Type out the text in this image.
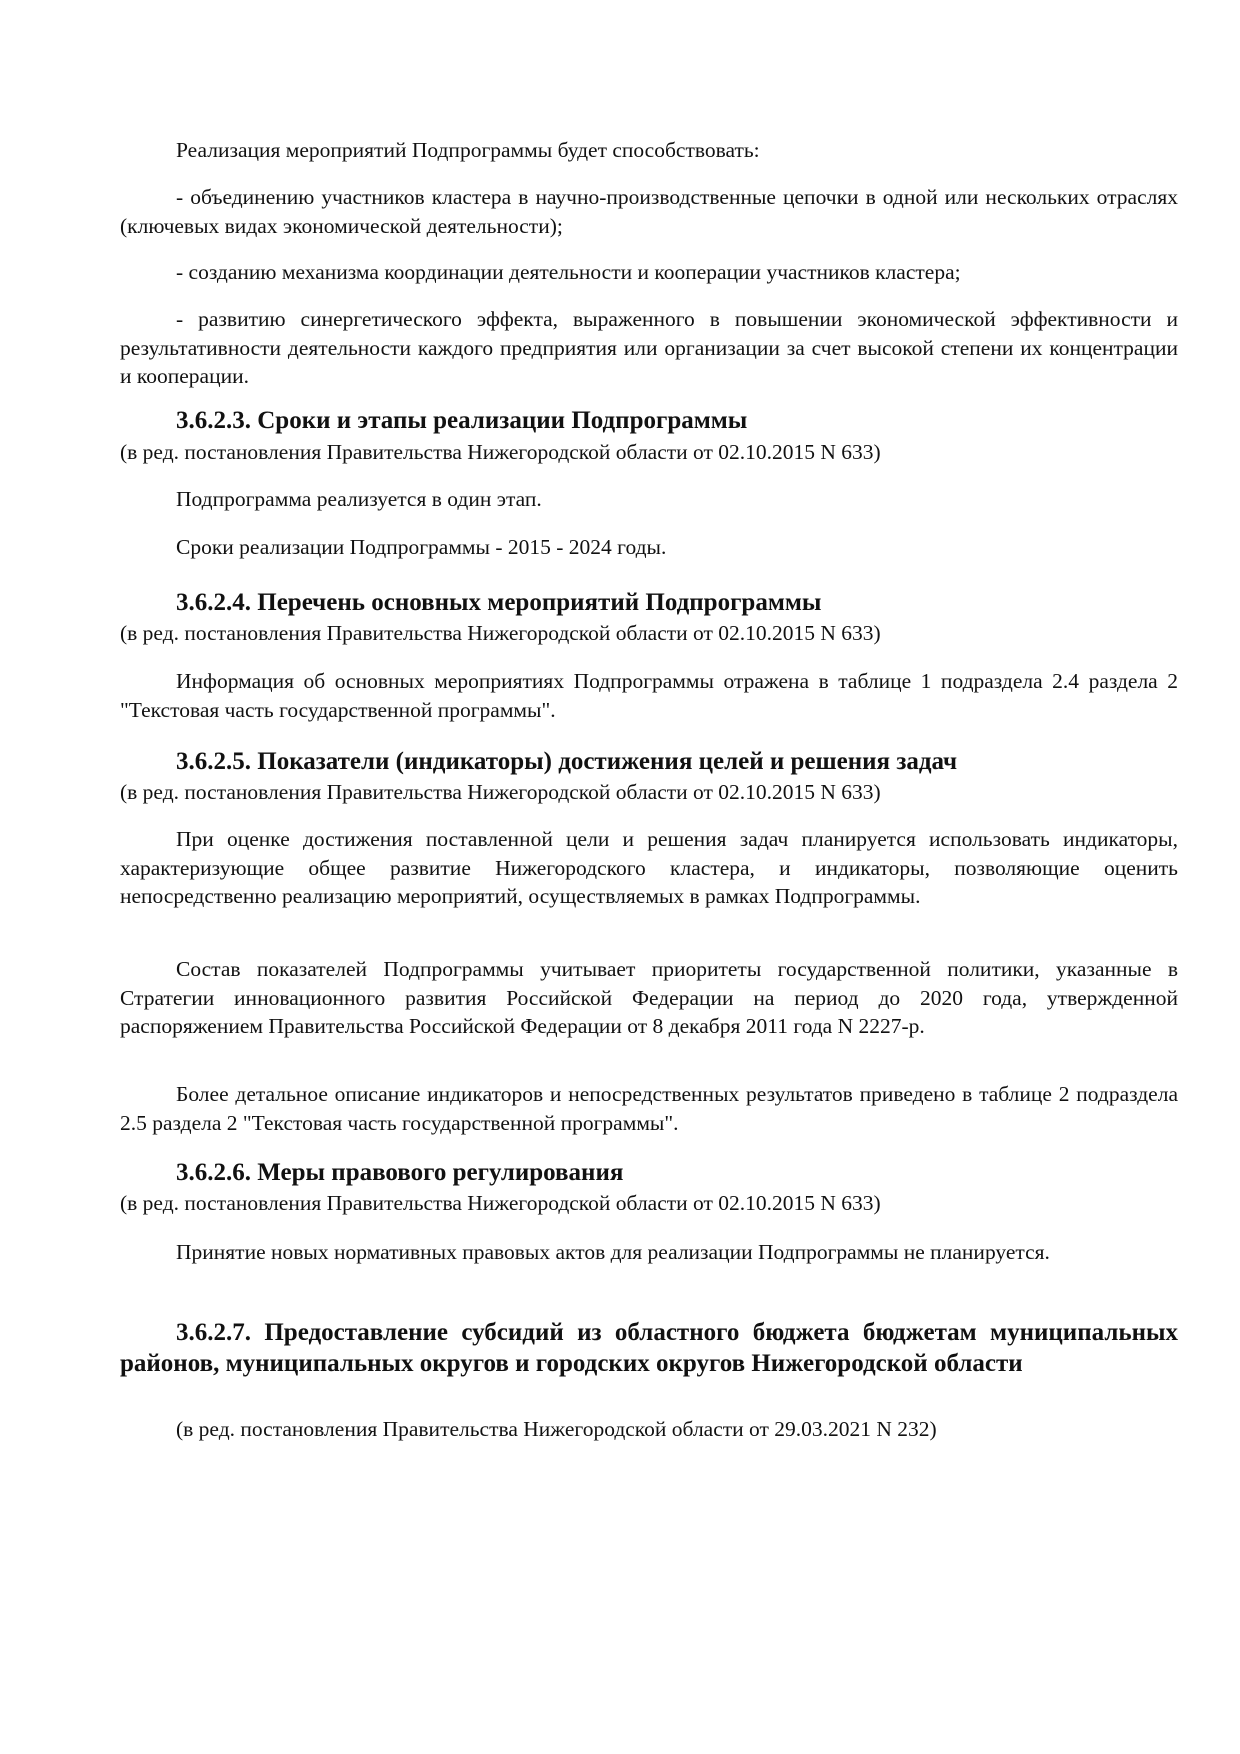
Реализация мероприятий Подпрограммы будет способствовать:

- объединению участников кластера в научно-производственные цепочки в одной или нескольких отраслях (ключевых видах экономической деятельности);

- созданию механизма координации деятельности и кооперации участников кластера;

- развитию синергетического эффекта, выраженного в повышении экономической эффективности и результативности деятельности каждого предприятия или организации за счет высокой степени их концентрации и кооперации.

3.6.2.3. Сроки и этапы реализации Подпрограммы

(в ред. постановления Правительства Нижегородской области от 02.10.2015 N 633)

Подпрограмма реализуется в один этап.

Сроки реализации Подпрограммы - 2015 - 2024 годы.

3.6.2.4. Перечень основных мероприятий Подпрограммы

(в ред. постановления Правительства Нижегородской области от 02.10.2015 N 633)

Информация об основных мероприятиях Подпрограммы отражена в таблице 1 подраздела 2.4 раздела 2 "Текстовая часть государственной программы".

3.6.2.5. Показатели (индикаторы) достижения целей и решения задач

(в ред. постановления Правительства Нижегородской области от 02.10.2015 N 633)

При оценке достижения поставленной цели и решения задач планируется использовать индикаторы, характеризующие общее развитие Нижегородского кластера, и индикаторы, позволяющие оценить непосредственно реализацию мероприятий, осуществляемых в рамках Подпрограммы.

Состав показателей Подпрограммы учитывает приоритеты государственной политики, указанные в Стратегии инновационного развития Российской Федерации на период до 2020 года, утвержденной распоряжением Правительства Российской Федерации от 8 декабря 2011 года N 2227-р.

Более детальное описание индикаторов и непосредственных результатов приведено в таблице 2 подраздела 2.5 раздела 2 "Текстовая часть государственной программы".

3.6.2.6. Меры правового регулирования

(в ред. постановления Правительства Нижегородской области от 02.10.2015 N 633)

Принятие новых нормативных правовых актов для реализации Подпрограммы не планируется.

3.6.2.7. Предоставление субсидий из областного бюджета бюджетам муниципальных районов, муниципальных округов и городских округов Нижегородской области

(в ред. постановления Правительства Нижегородской области от 29.03.2021 N 232)
